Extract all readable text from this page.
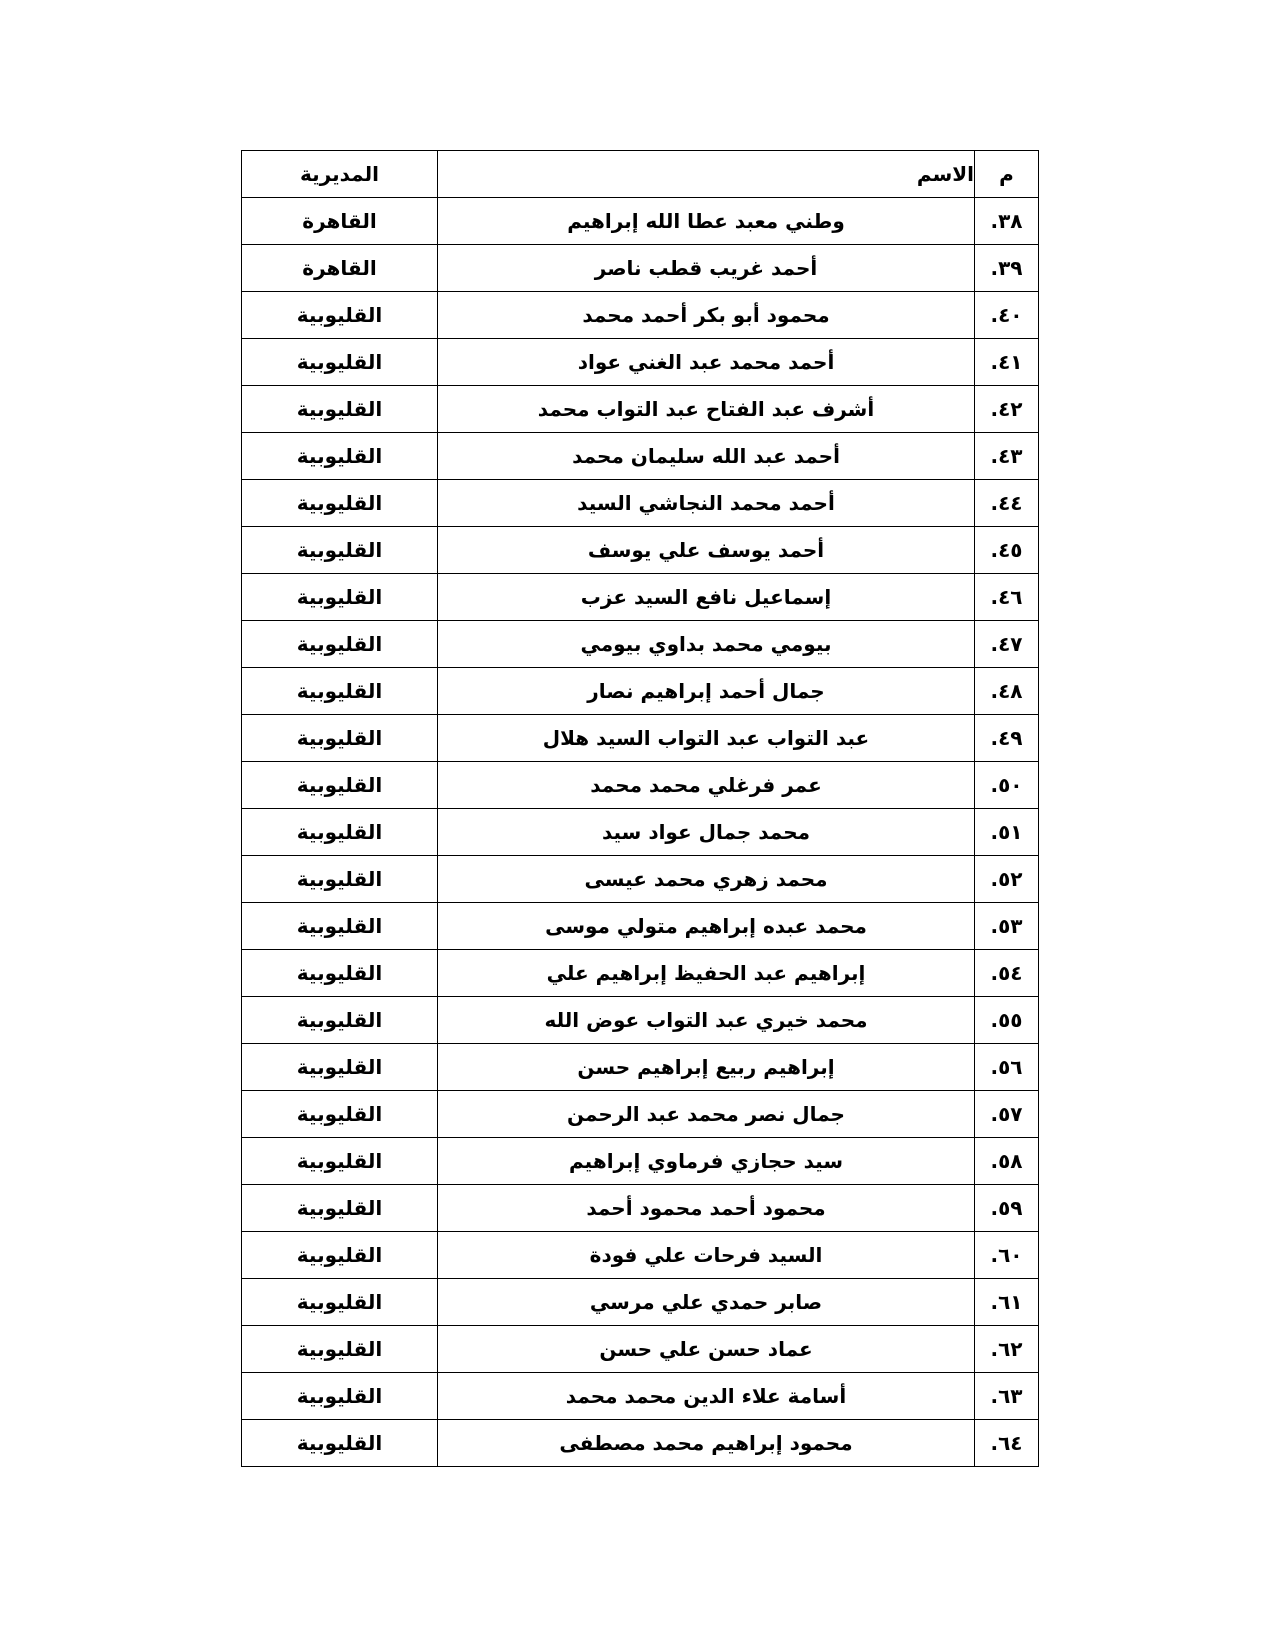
م	الاسم	المديرية
٣٨.	وطني معبد عطا الله إبراهيم	القاهرة
٣٩.	أحمد غريب قطب ناصر	القاهرة
٤٠.	محمود أبو بكر أحمد محمد	القليوبية
٤١.	أحمد محمد عبد الغني عواد	القليوبية
٤٢.	أشرف عبد الفتاح عبد التواب محمد	القليوبية
٤٣.	أحمد عبد الله سليمان محمد	القليوبية
٤٤.	أحمد محمد النجاشي السيد	القليوبية
٤٥.	أحمد يوسف علي يوسف	القليوبية
٤٦.	إسماعيل نافع السيد عزب	القليوبية
٤٧.	بيومي محمد بداوي بيومي	القليوبية
٤٨.	جمال أحمد إبراهيم نصار	القليوبية
٤٩.	عبد التواب عبد التواب السيد هلال	القليوبية
٥٠.	عمر فرغلي محمد محمد	القليوبية
٥١.	محمد جمال عواد سيد	القليوبية
٥٢.	محمد زهري محمد عيسى	القليوبية
٥٣.	محمد عبده إبراهيم متولي موسى	القليوبية
٥٤.	إبراهيم عبد الحفيظ إبراهيم علي	القليوبية
٥٥.	محمد خيري عبد التواب عوض الله	القليوبية
٥٦.	إبراهيم ربيع إبراهيم حسن	القليوبية
٥٧.	جمال نصر محمد عبد الرحمن	القليوبية
٥٨.	سيد حجازي فرماوي إبراهيم	القليوبية
٥٩.	محمود أحمد محمود أحمد	القليوبية
٦٠.	السيد فرحات علي فودة	القليوبية
٦١.	صابر حمدي علي مرسي	القليوبية
٦٢.	عماد حسن علي حسن	القليوبية
٦٣.	أسامة علاء الدين محمد محمد	القليوبية
٦٤.	محمود إبراهيم محمد مصطفى	القليوبية
